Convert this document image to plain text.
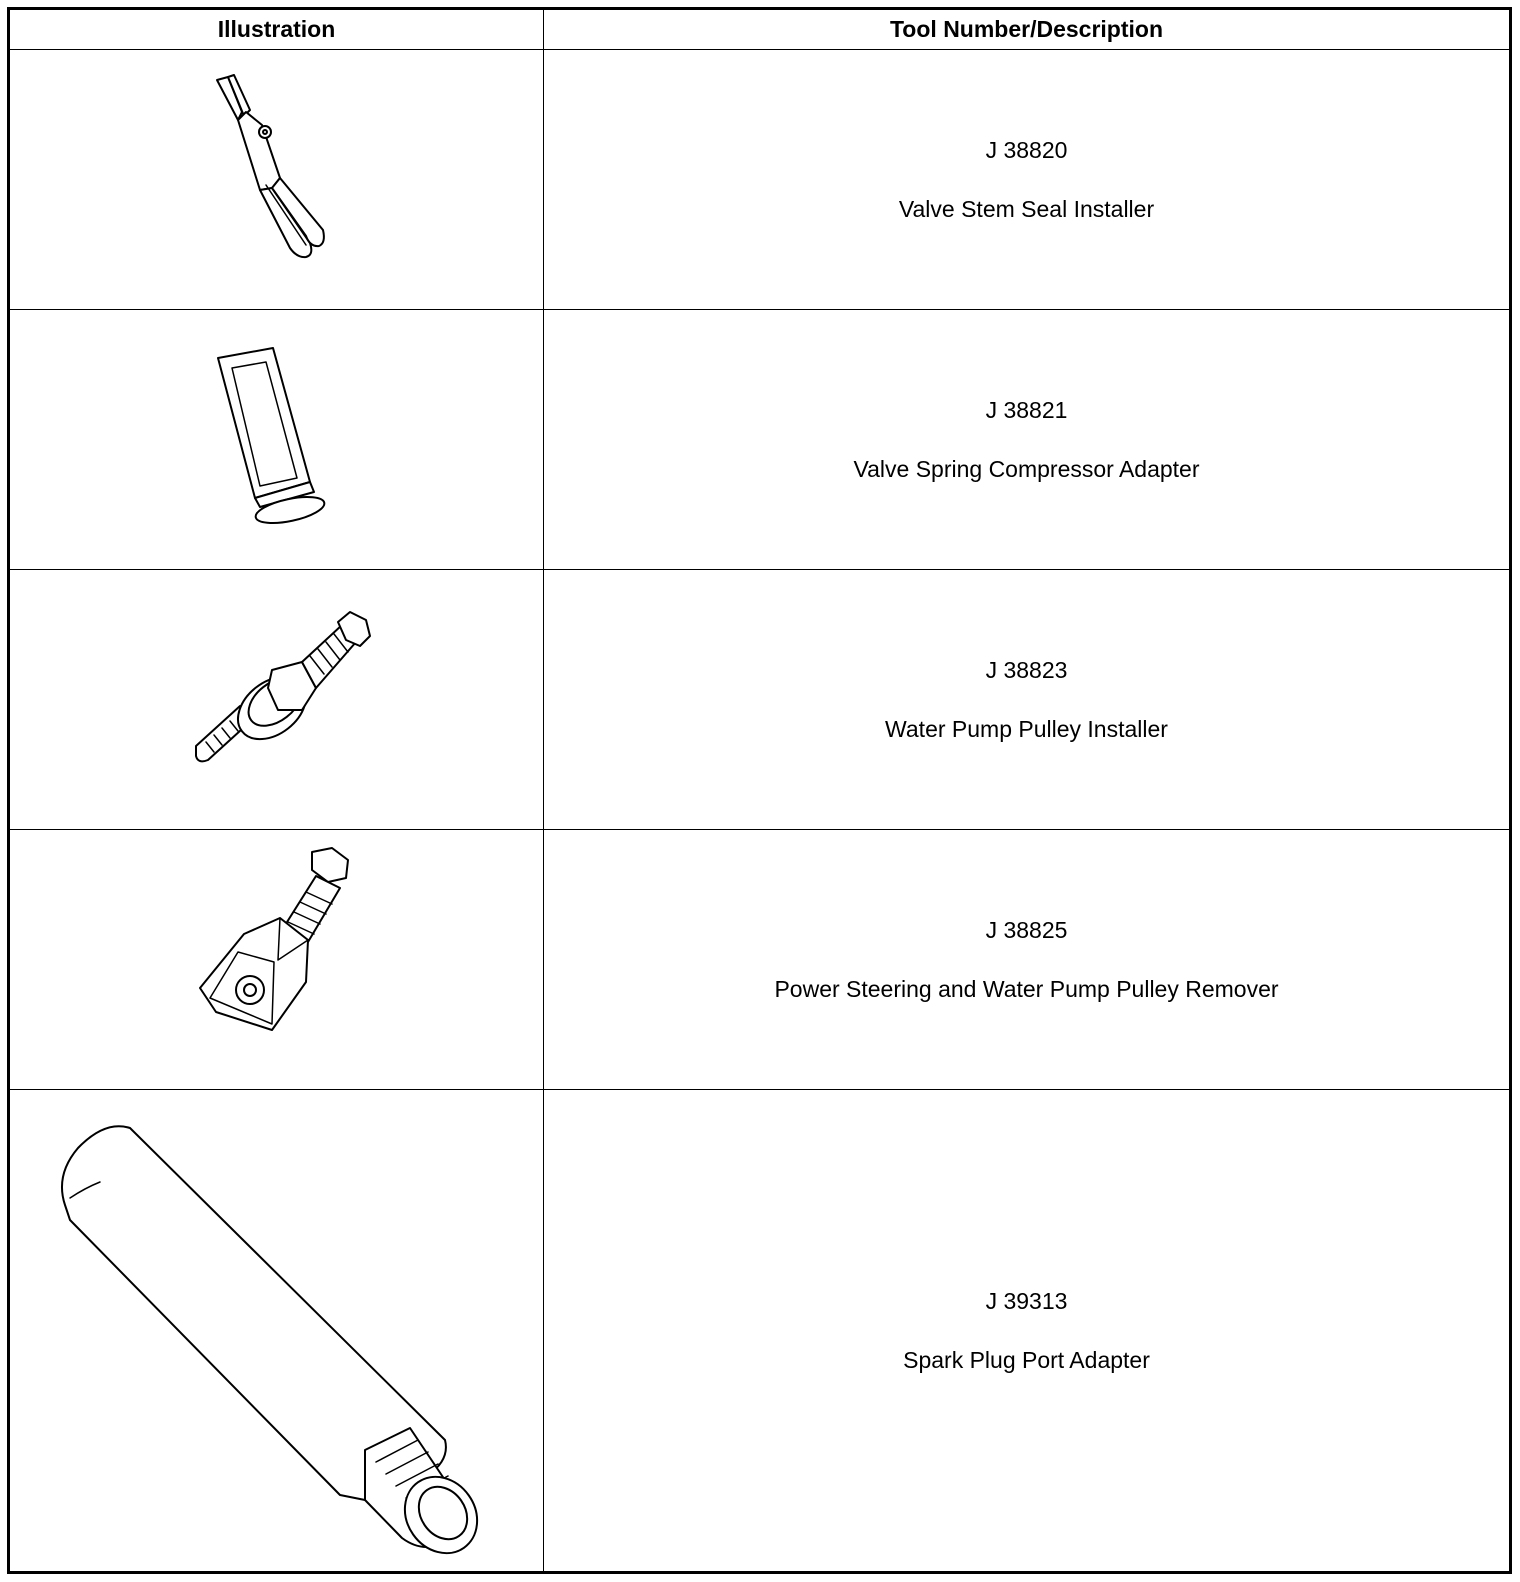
Illustration	Tool Number/Description
J 38820
Valve Stem Seal Installer
J 38821
Valve Spring Compressor Adapter
J 38823
Water Pump Pulley Installer
J 38825
Power Steering and Water Pump Pulley Remover
J 39313
Spark Plug Port Adapter
